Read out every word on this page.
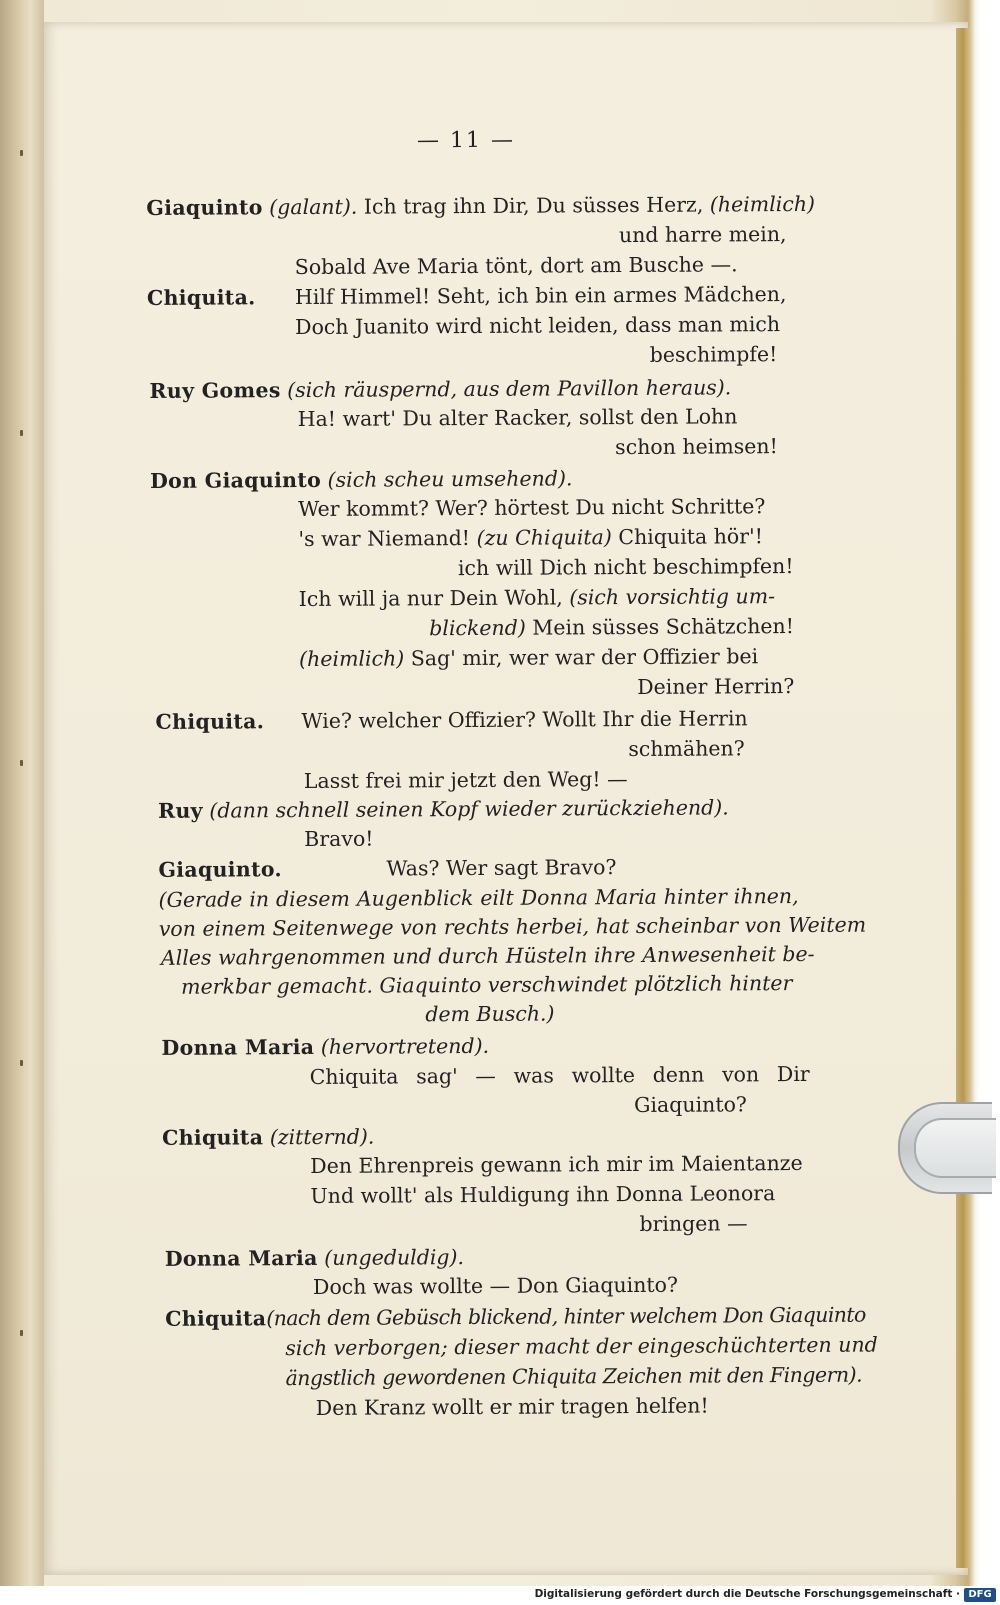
— 11 —
Giaquinto (galant). Ich trag ihn Dir, Du süsses Herz, (heimlich)
und harre mein,
Sobald Ave Maria tönt, dort am Busche —.
Chiquita. Hilf Himmel! Seht, ich bin ein armes Mädchen,
Doch Juanito wird nicht leiden, dass man mich
beschimpfe!
Ruy Gomes (sich räuspernd, aus dem Pavillon heraus).
Ha! wart' Du alter Racker, sollst den Lohn
schon heimsen!
Don Giaquinto (sich scheu umsehend).
Wer kommt? Wer? hörtest Du nicht Schritte?
's war Niemand! (zu Chiquita) Chiquita hör'!
ich will Dich nicht beschimpfen!
Ich will ja nur Dein Wohl, (sich vorsichtig um-
blickend) Mein süsses Schätzchen!
(heimlich) Sag' mir, wer war der Offizier bei
Deiner Herrin?
Chiquita. Wie? welcher Offizier? Wollt Ihr die Herrin
schmähen?
Lasst frei mir jetzt den Weg! —
Ruy (dann schnell seinen Kopf wieder zurückziehend).
Bravo!
Giaquinto.	Was? Wer sagt Bravo?
(Gerade in diesem Augenblick eilt Donna Maria hinter ihnen,
von einem Seitenwege von rechts herbei, hat scheinbar von Weitem
Alles wahrgenommen und durch Hüsteln ihre Anwesenheit be-
merkbar gemacht. Giaquinto verschwindet plötzlich hinter
dem Busch.)
Donna Maria (hervortretend).
Chiquita sag' — was wollte denn von Dir
Giaquinto?
Chiquita (zitternd).
Den Ehrenpreis gewann ich mir im Maientanze
Und wollt' als Huldigung ihn Donna Leonora
bringen —
Donna Maria (ungeduldig).
Doch was wollte — Don Giaquinto?
Chiquita(nach dem Gebüsch blickend, hinter welchem Don Giaquinto
sich verborgen; dieser macht der eingeschüchterten und
ängstlich gewordenen Chiquita Zeichen mit den Fingern).
Den Kranz wollt er mir tragen helfen!
Digitalisierung gefördert durch die Deutsche Forschungsgemeinschaft · DFG
